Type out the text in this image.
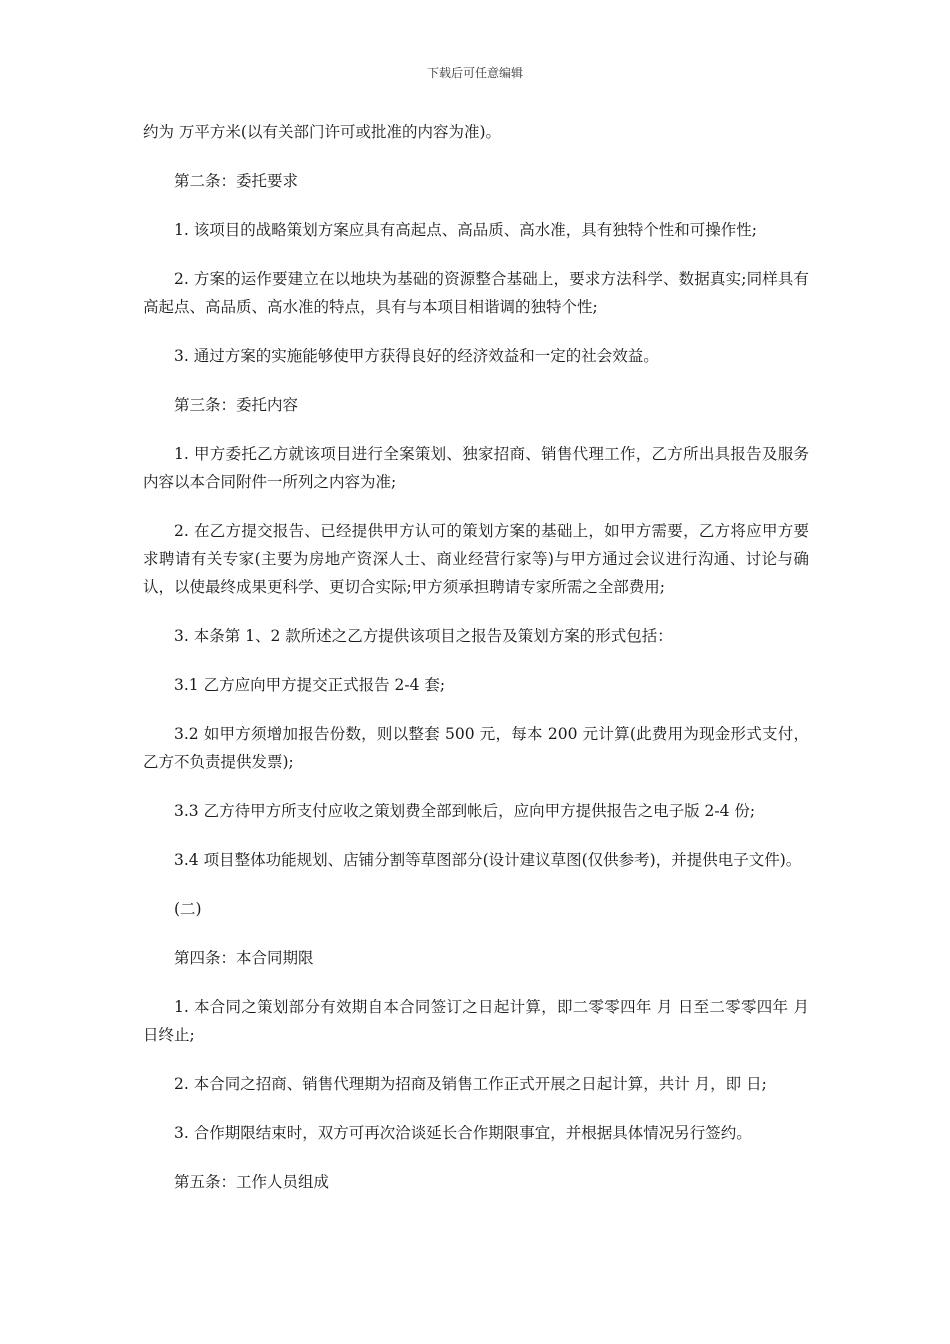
下载后可任意编辑

约为 万平方米(以有关部门许可或批准的内容为准)。

第二条：委托要求

1. 该项目的战略策划方案应具有高起点、高品质、高水准，具有独特个性和可操作性;

2. 方案的运作要建立在以地块为基础的资源整合基础上，要求方法科学、数据真实;同样具有高起点、高品质、高水准的特点，具有与本项目相谐调的独特个性;

3. 通过方案的实施能够使甲方获得良好的经济效益和一定的社会效益。

第三条：委托内容

1. 甲方委托乙方就该项目进行全案策划、独家招商、销售代理工作，乙方所出具报告及服务内容以本合同附件一所列之内容为准;

2. 在乙方提交报告、已经提供甲方认可的策划方案的基础上，如甲方需要，乙方将应甲方要求聘请有关专家(主要为房地产资深人士、商业经营行家等)与甲方通过会议进行沟通、讨论与确认，以使最终成果更科学、更切合实际;甲方须承担聘请专家所需之全部费用;

3. 本条第 1、2 款所述之乙方提供该项目之报告及策划方案的形式包括：

3.1 乙方应向甲方提交正式报告 2-4 套;

3.2 如甲方须增加报告份数，则以整套 500 元，每本 200 元计算(此费用为现金形式支付，乙方不负责提供发票);

3.3 乙方待甲方所支付应收之策划费全部到帐后，应向甲方提供报告之电子版 2-4 份;

3.4 项目整体功能规划、店铺分割等草图部分(设计建议草图(仅供参考)，并提供电子文件)。

(二)

第四条：本合同期限

1. 本合同之策划部分有效期自本合同签订之日起计算，即二零零四年 月 日至二零零四年 月 日终止;

2. 本合同之招商、销售代理期为招商及销售工作正式开展之日起计算，共计 月，即 日;

3. 合作期限结束时，双方可再次洽谈延长合作期限事宜，并根据具体情况另行签约。

第五条：工作人员组成
